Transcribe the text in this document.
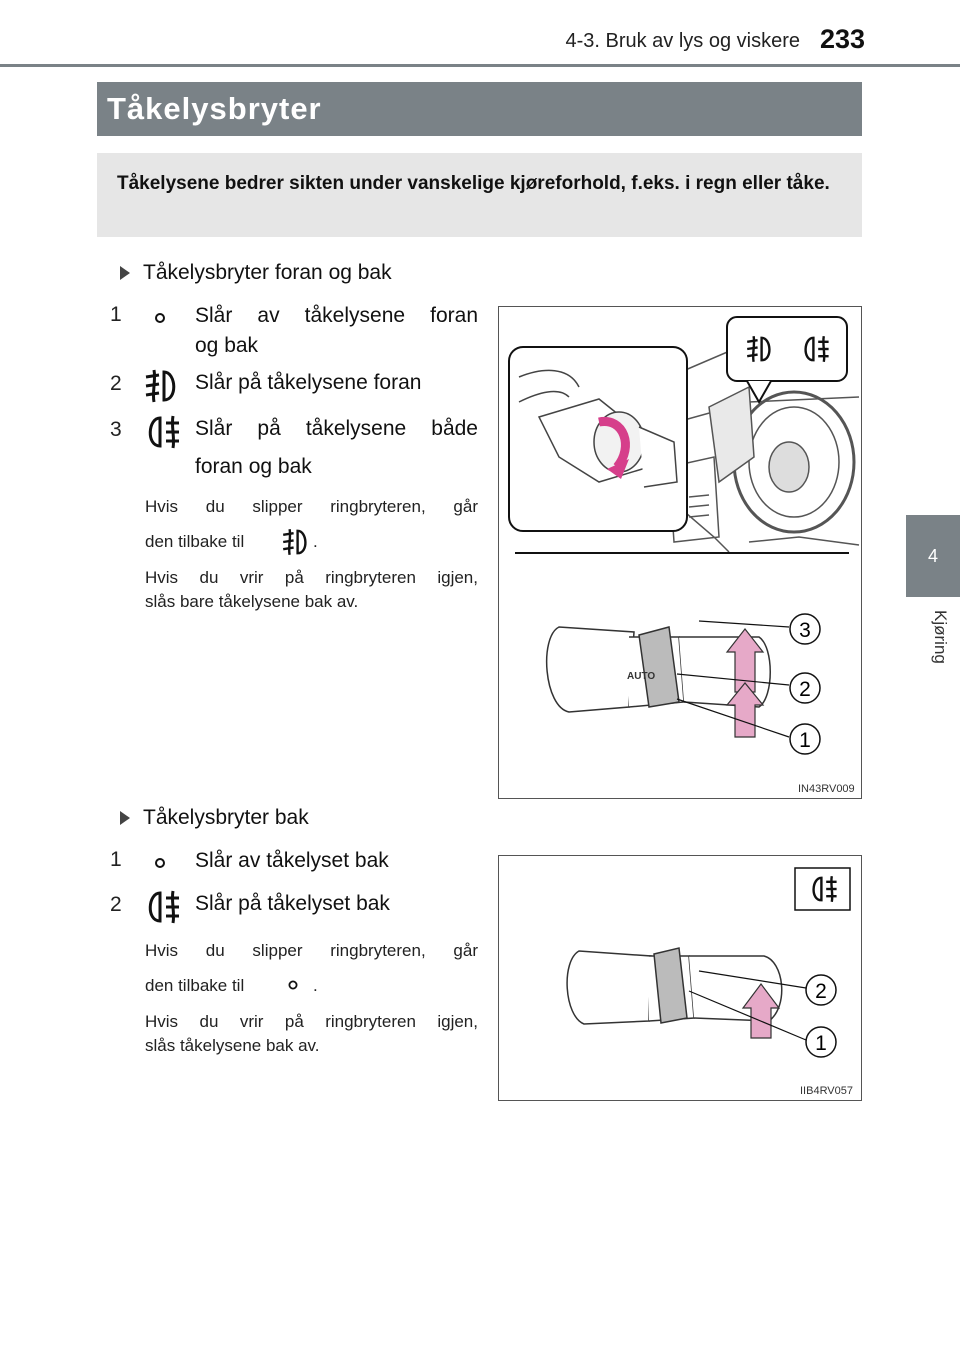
4-3. Bruk av lys og viskere 233
4
Kjøring
Tåkelysbryter
Tåkelysene bedrer sikten under vanskelige kjøreforhold, f.eks. i regn eller tåke.
Tåkelysbryter foran og bak
1	Slår av tåkelysene foran
og bak
2	Slår på tåkelysene foran
3	Slår på tåkelysene både
foran og bak
Hvis du slipper ringbryteren, går
den tilbake til	.
Hvis du vrir på ringbryteren igjen,
slås bare tåkelysene bak av.
AUTO
3
2
1
IN43RV009
Tåkelysbryter bak
1	Slår av tåkelyset bak
2	Slår på tåkelyset bak
Hvis du slipper ringbryteren, går
den tilbake til	.
Hvis du vrir på ringbryteren igjen,
slås tåkelysene bak av.
2
1
IIB4RV057
